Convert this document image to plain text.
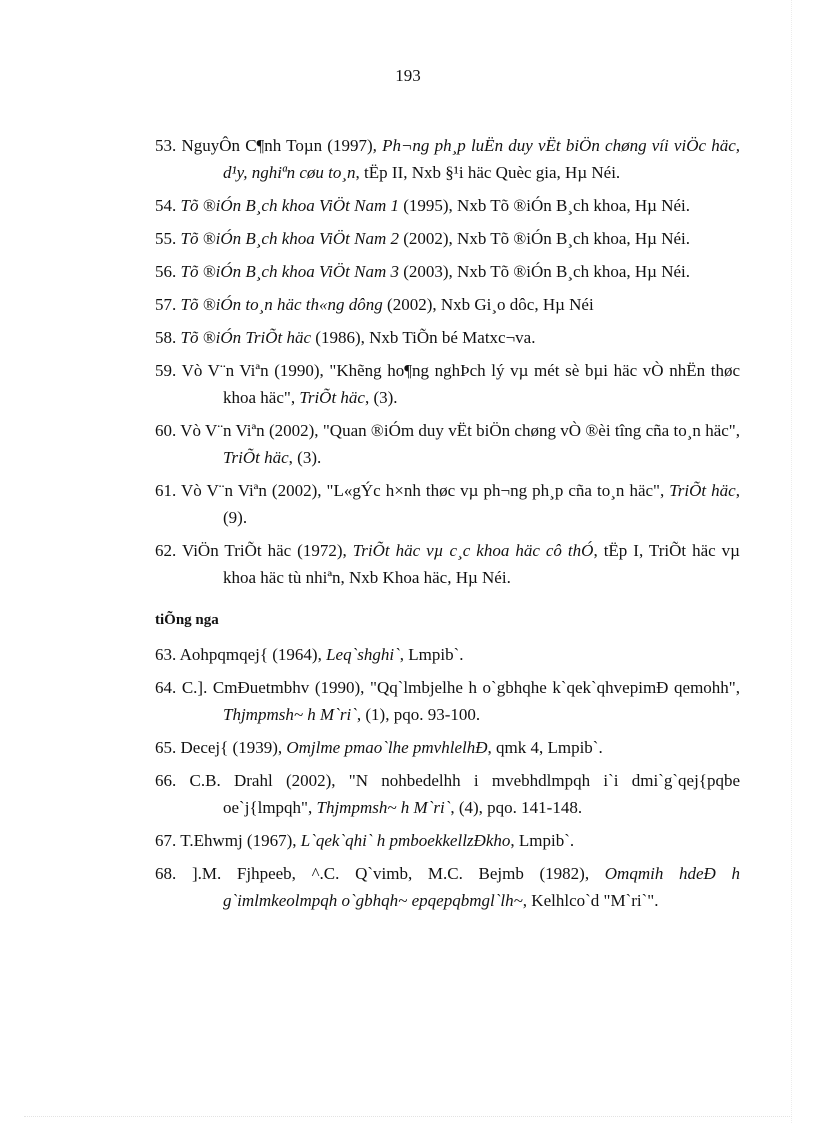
193
53. NguyÔn C¶nh Toµn (1997), Ph¬ng ph¸p luËn duy vËt biÖn chøng víi viÖc häc, d¹y, nghiªn cøu to¸n, tËp II, Nxb §¹i häc Quèc gia, Hµ Néi.
54. Tõ ®iÓn B¸ch khoa ViÖt Nam 1 (1995), Nxb Tõ ®iÓn B¸ch khoa, Hµ Néi.
55. Tõ ®iÓn B¸ch khoa ViÖt Nam 2 (2002), Nxb Tõ ®iÓn B¸ch khoa, Hµ Néi.
56. Tõ ®iÓn B¸ch khoa ViÖt Nam 3 (2003), Nxb Tõ ®iÓn B¸ch khoa, Hµ Néi.
57. Tõ ®iÓn to¸n häc th«ng dông (2002), Nxb Gi¸o dôc, Hµ Néi
58. Tõ ®iÓn TriÕt häc (1986), Nxb TiÕn bé Matxc¬va.
59. Vò V¨n Viªn (1990), "Khẽng ho¶ng nghÞch lý vµ mét sè bµi häc vÒ nhËn thøc khoa häc", TriÕt häc, (3).
60. Vò V¨n Viªn (2002), "Quan ®iÓm duy vËt biÖn chøng vÒ ®èi tîng cña to¸n häc", TriÕt häc, (3).
61. Vò V¨n Viªn (2002), "L«gÝc h×nh thøc vµ ph¬ng ph¸p cña to¸n häc", TriÕt häc, (9).
62. ViÖn TriÕt häc (1972), TriÕt häc vµ c¸c khoa häc cô thÓ, tËp I, TriÕt häc vµ khoa häc tù nhiªn, Nxb Khoa häc, Hµ Néi.
tiÕng nga
63. Aohpqmqej{ (1964), Leq`shghi`, Lmpib`.
64. C.]. CmÐuetmbhv (1990), "Qq`lmbjelhe h o`gbhqhe k`qek`qhvepimÐ qemohh", Thjmpmsh~ h M`ri`, (1), pqo. 93-100.
65. Decej{ (1939), Omjlme pmao`lhe pmvhlelhÐ, qmk 4, Lmpib`.
66. C.B. Drahl (2002), "N nohbedelhh i mvebhdlmpqh i`i dmi`g`qej{pqbe oe`j{lmpqh", Thjmpmsh~ h M`ri`, (4), pqo. 141-148.
67. T.Ehwmj (1967), L`qek`qhi` h pmboekkellzÐkho, Lmpib`.
68. ].M. Fjhpeeb, ^.C. Q`vimb, M.C. Bejmb (1982), Omqmih hdeÐ h g`imlmkeolmpqh o`gbhqh~ epqepqbmgl`lh~, Kelhlco`d "M`ri`".
